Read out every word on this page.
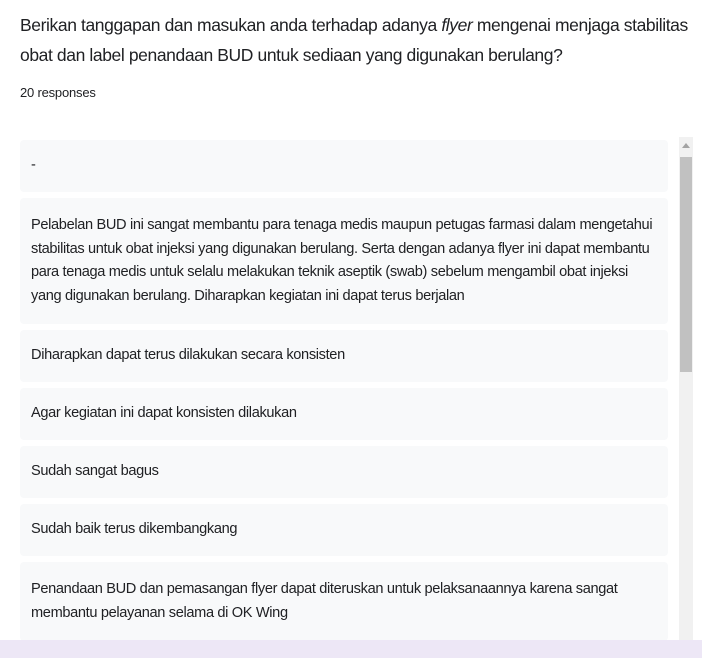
Berikan tanggapan dan masukan anda terhadap adanya flyer mengenai menjaga stabilitas obat dan label penandaan BUD untuk sediaan yang digunakan berulang?
20 responses
-
Pelabelan BUD ini sangat membantu para tenaga medis maupun petugas farmasi dalam mengetahui stabilitas untuk obat injeksi yang digunakan berulang. Serta dengan adanya flyer ini dapat membantu para tenaga medis untuk selalu melakukan teknik aseptik (swab) sebelum mengambil obat injeksi yang digunakan berulang. Diharapkan kegiatan ini dapat terus berjalan
Diharapkan dapat terus dilakukan secara konsisten
Agar kegiatan ini dapat konsisten dilakukan
Sudah sangat bagus
Sudah baik terus dikembangkang
Penandaan BUD dan pemasangan flyer dapat diteruskan untuk pelaksanaannya karena sangat membantu pelayanan selama di OK Wing
